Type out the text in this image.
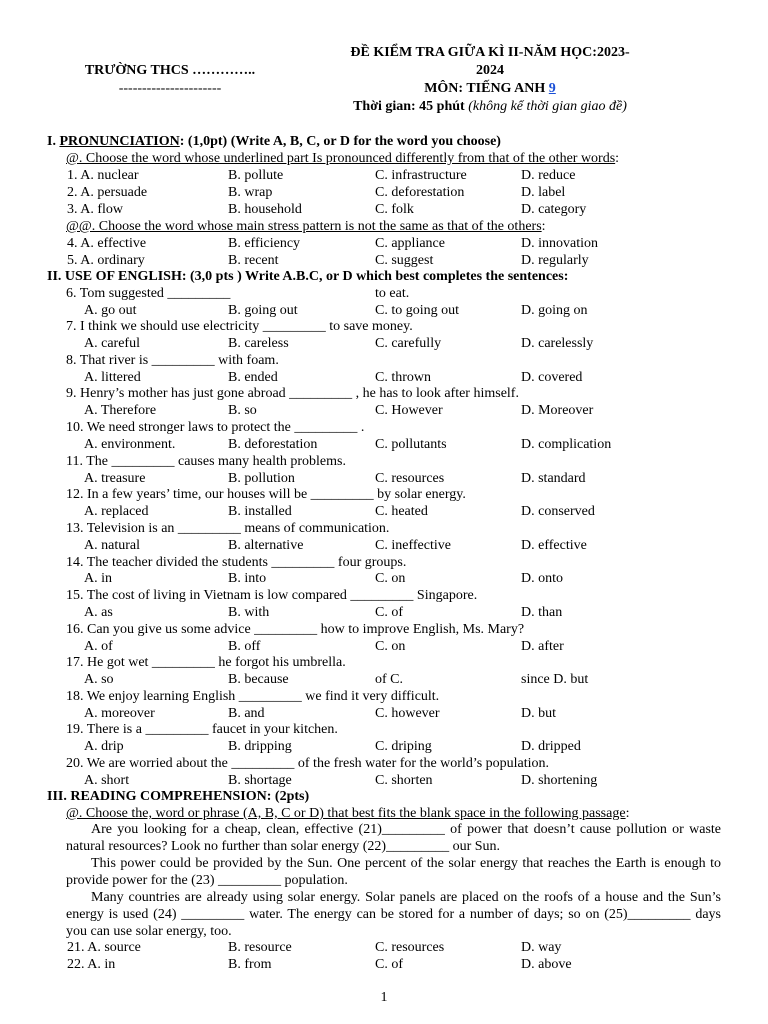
TRƯỜNG THCS …………..
----------------------
ĐỀ KIỂM TRA GIỮA KÌ II-NĂM HỌC:2023-
2024
MÔN: TIẾNG ANH 9
Thời gian: 45 phút (không kể thời gian giao đề)
I. PRONUNCIATION: (1,0pt) (Write A, B, C, or D for the word you choose)
@. Choose the word whose underlined part Is pronounced differently from that of the other words:
1. A. nuclear	B. pollute	C. infrastructure	D. reduce
2. A. persuade	B. wrap	C. deforestation	D. label
3. A. flow	B. household	C. folk	D. category
@@. Choose the word whose main stress pattern is not the same as that of the others:
4. A. effective	B. efficiency	C. appliance	D. innovation
5. A. ordinary	B. recent	C. suggest	D. regularly
II. USE OF ENGLISH: (3,0 pts ) Write A.B.C, or D which best completes the sentences:
6. Tom suggested _________	to eat.
A. go out	B. going out	C. to going out	D. going on
7. I think we should use electricity _________ to save money.
A. careful	B. careless	C. carefully	D. carelessly
8. That river is _________ with foam.
A. littered	B. ended	C. thrown	D. covered
9. Henry’s mother has just gone abroad _________ , he has to look after himself.
A. Therefore	B. so	C. However	D. Moreover
10. We need stronger laws to protect the _________ .
A. environment.	B. deforestation	C. pollutants	D. complication
11. The _________ causes many health problems.
A. treasure	B. pollution	C. resources	D. standard
12. In a few years’ time, our houses will be _________ by solar energy.
A. replaced	B. installed	C. heated	D. conserved
13. Television is an _________ means of communication.
A. natural	B. alternative	C. ineffective	D. effective
14. The teacher divided the students _________ four groups.
A. in	B. into	C. on	D. onto
15. The cost of living in Vietnam is low compared _________ Singapore.
A. as	B. with	C. of	D. than
16. Can you give us some advice _________ how to improve English, Ms. Mary?
A. of	B. off	C. on	D. after
17. He got wet _________ he forgot his umbrella.
A. so	B. because	of C.	since D. but
18. We enjoy learning English _________ we find it very difficult.
A. moreover	B. and	C. however	D. but
19. There is a _________ faucet in your kitchen.
A. drip	B. dripping	C. driping	D. dripped
20. We are worried about the _________ of the fresh water for the world’s population.
A. short	B. shortage	C. shorten	D. shortening
III. READING COMPREHENSION: (2pts)
@. Choose the, word or phrase (A, B, C or D) that best fits the blank space in the following passage:
Are you looking for a cheap, clean, effective (21)_________ of power that doesn’t cause pollution or waste natural resources? Look no further than solar energy (22)_________ our Sun.
This power could be provided by the Sun. One percent of the solar energy that reaches the Earth is enough to provide power for the (23) _________ population.
Many countries are already using solar energy. Solar panels are placed on the roofs of a house and the Sun’s energy is used (24) _________ water. The energy can be stored for a number of days; so on (25)_________ days you can use solar energy, too.
21. A. source	B. resource	C. resources	D. way
22. A. in	B. from	C. of	D. above
1
